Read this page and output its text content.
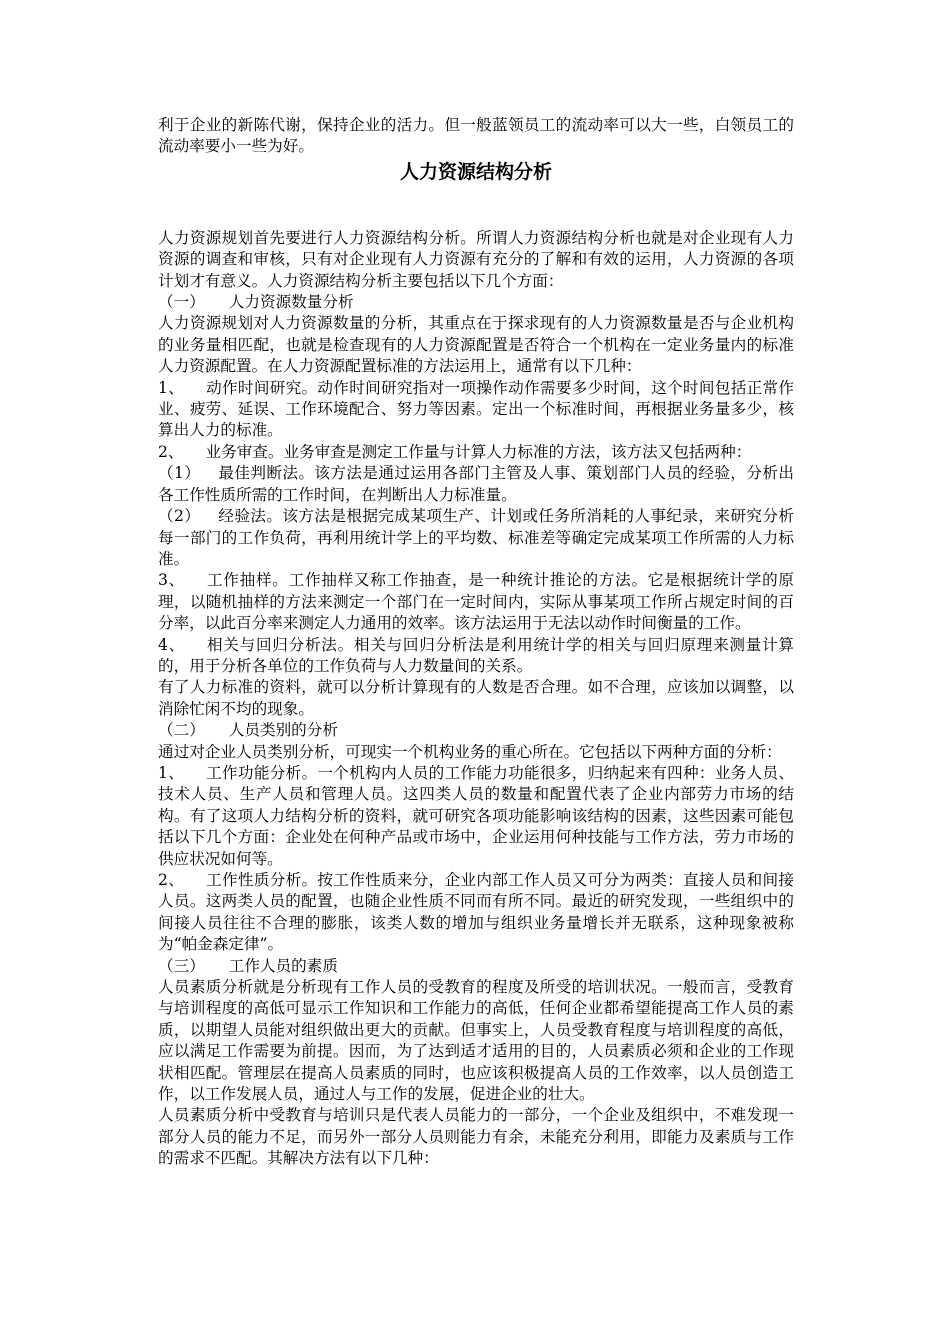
利于企业的新陈代谢，保持企业的活力。但一般蓝领员工的流动率可以大一些，白领员工的流动率要小一些为好。

人力资源结构分析

人力资源规划首先要进行人力资源结构分析。所谓人力资源结构分析也就是对企业现有人力资源的调查和审核，只有对企业现有人力资源有充分的了解和有效的运用，人力资源的各项计划才有意义。人力资源结构分析主要包括以下几个方面：

（一） 人力资源数量分析

人力资源规划对人力资源数量的分析，其重点在于探求现有的人力资源数量是否与企业机构的业务量相匹配，也就是检查现有的人力资源配置是否符合一个机构在一定业务量内的标准人力资源配置。在人力资源配置标准的方法运用上，通常有以下几种：

1、 动作时间研究。动作时间研究指对一项操作动作需要多少时间，这个时间包括正常作业、疲劳、延误、工作环境配合、努力等因素。定出一个标准时间，再根据业务量多少，核算出人力的标准。

2、 业务审查。业务审查是测定工作量与计算人力标准的方法，该方法又包括两种：

（1） 最佳判断法。该方法是通过运用各部门主管及人事、策划部门人员的经验，分析出各工作性质所需的工作时间，在判断出人力标准量。

（2） 经验法。该方法是根据完成某项生产、计划或任务所消耗的人事纪录，来研究分析每一部门的工作负荷，再利用统计学上的平均数、标准差等确定完成某项工作所需的人力标准。

3、 工作抽样。工作抽样又称工作抽查，是一种统计推论的方法。它是根据统计学的原理，以随机抽样的方法来测定一个部门在一定时间内，实际从事某项工作所占规定时间的百分率，以此百分率来测定人力通用的效率。该方法运用于无法以动作时间衡量的工作。

4、 相关与回归分析法。相关与回归分析法是利用统计学的相关与回归原理来测量计算的，用于分析各单位的工作负荷与人力数量间的关系。

有了人力标准的资料，就可以分析计算现有的人数是否合理。如不合理，应该加以调整，以消除忙闲不均的现象。

（二） 人员类别的分析

通过对企业人员类别分析，可现实一个机构业务的重心所在。它包括以下两种方面的分析：

1、 工作功能分析。一个机构内人员的工作能力功能很多，归纳起来有四种：业务人员、技术人员、生产人员和管理人员。这四类人员的数量和配置代表了企业内部劳力市场的结构。有了这项人力结构分析的资料，就可研究各项功能影响该结构的因素，这些因素可能包括以下几个方面：企业处在何种产品或市场中，企业运用何种技能与工作方法，劳力市场的供应状况如何等。

2、 工作性质分析。按工作性质来分，企业内部工作人员又可分为两类：直接人员和间接人员。这两类人员的配置，也随企业性质不同而有所不同。最近的研究发现，一些组织中的间接人员往往不合理的膨胀，该类人数的增加与组织业务量增长并无联系，这种现象被称为“帕金森定律”。

（三） 工作人员的素质

人员素质分析就是分析现有工作人员的受教育的程度及所受的培训状况。一般而言，受教育与培训程度的高低可显示工作知识和工作能力的高低，任何企业都希望能提高工作人员的素质，以期望人员能对组织做出更大的贡献。但事实上，人员受教育程度与培训程度的高低，应以满足工作需要为前提。因而，为了达到适才适用的目的，人员素质必须和企业的工作现状相匹配。管理层在提高人员素质的同时，也应该积极提高人员的工作效率，以人员创造工作，以工作发展人员，通过人与工作的发展，促进企业的壮大。

人员素质分析中受教育与培训只是代表人员能力的一部分，一个企业及组织中，不难发现一部分人员的能力不足，而另外一部分人员则能力有余，未能充分利用，即能力及素质与工作的需求不匹配。其解决方法有以下几种：
